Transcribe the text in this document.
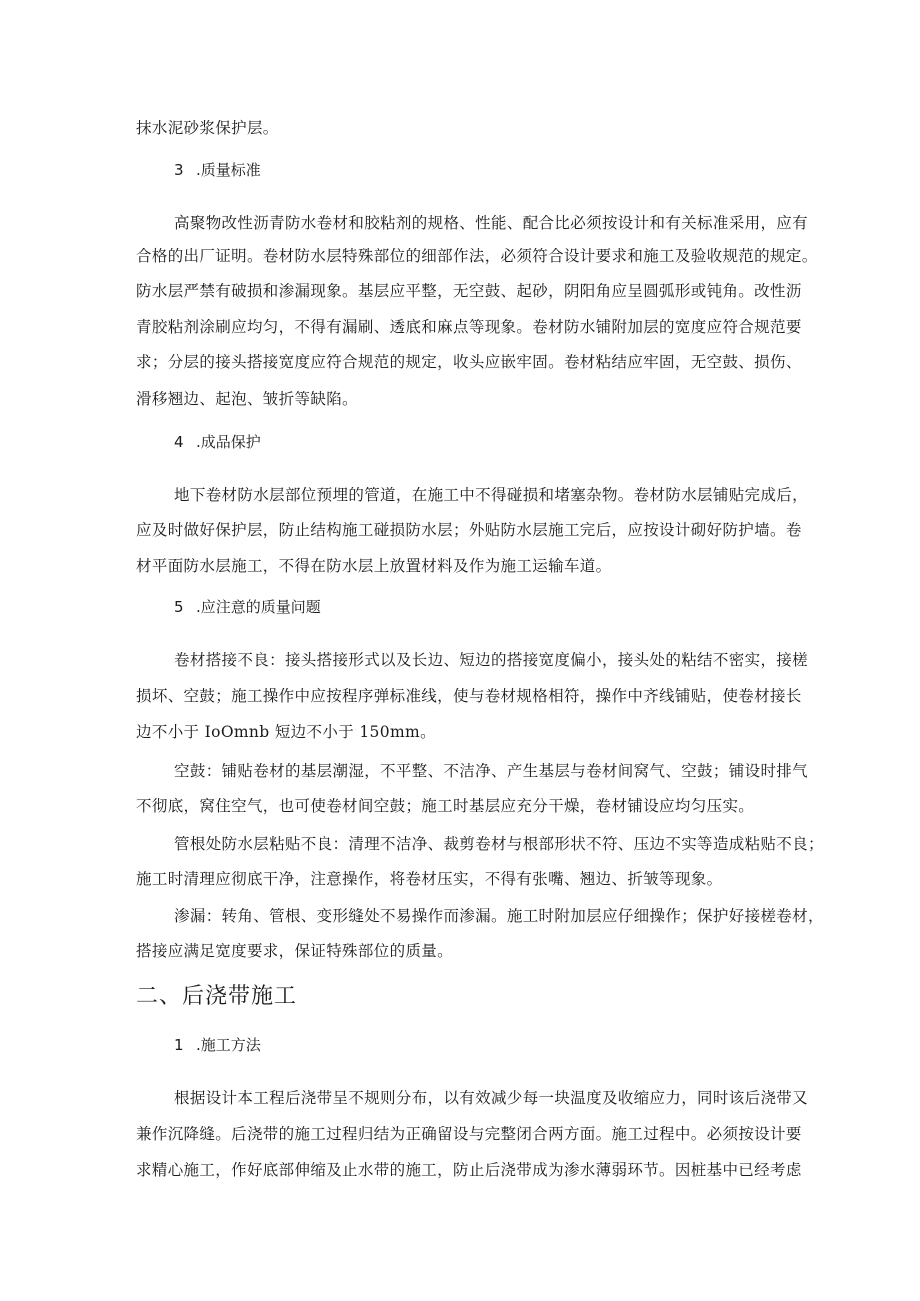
抹水泥砂浆保护层。
3 .质量标准
高聚物改性沥青防水卷材和胶粘剂的规格、性能、配合比必须按设计和有关标准采用，应有
合格的出厂证明。卷材防水层特殊部位的细部作法，必须符合设计要求和施工及验收规范的规定。
防水层严禁有破损和渗漏现象。基层应平整，无空鼓、起砂，阴阳角应呈圆弧形或钝角。改性沥
青胶粘剂涂刷应均匀，不得有漏刷、透底和麻点等现象。卷材防水铺附加层的宽度应符合规范要
求；分层的接头搭接宽度应符合规范的规定，收头应嵌牢固。卷材粘结应牢固，无空鼓、损伤、
滑移翘边、起泡、皱折等缺陷。
4 .成品保护
地下卷材防水层部位预埋的管道，在施工中不得碰损和堵塞杂物。卷材防水层铺贴完成后，
应及时做好保护层，防止结构施工碰损防水层；外贴防水层施工完后，应按设计砌好防护墙。卷
材平面防水层施工，不得在防水层上放置材料及作为施工运输车道。
5 .应注意的质量问题
卷材搭接不良：接头搭接形式以及长边、短边的搭接宽度偏小，接头处的粘结不密实，接槎
损坏、空鼓；施工操作中应按程序弹标准线，使与卷材规格相符，操作中齐线铺贴，使卷材接长
边不小于 IoOmnb 短边不小于 150mm。
空鼓：铺贴卷材的基层潮湿，不平整、不洁净、产生基层与卷材间窝气、空鼓；铺设时排气
不彻底，窝住空气，也可使卷材间空鼓；施工时基层应充分干燥，卷材铺设应均匀压实。
管根处防水层粘贴不良：清理不洁净、裁剪卷材与根部形状不符、压边不实等造成粘贴不良；
施工时清理应彻底干净，注意操作，将卷材压实，不得有张嘴、翘边、折皱等现象。
渗漏：转角、管根、变形缝处不易操作而渗漏。施工时附加层应仔细操作；保护好接槎卷材，
搭接应满足宽度要求，保证特殊部位的质量。
二、后浇带施工
1 .施工方法
根据设计本工程后浇带呈不规则分布，以有效减少每一块温度及收缩应力，同时该后浇带又
兼作沉降缝。后浇带的施工过程归结为正确留设与完整闭合两方面。施工过程中。必须按设计要
求精心施工，作好底部伸缩及止水带的施工，防止后浇带成为渗水薄弱环节。因桩基中已经考虑
